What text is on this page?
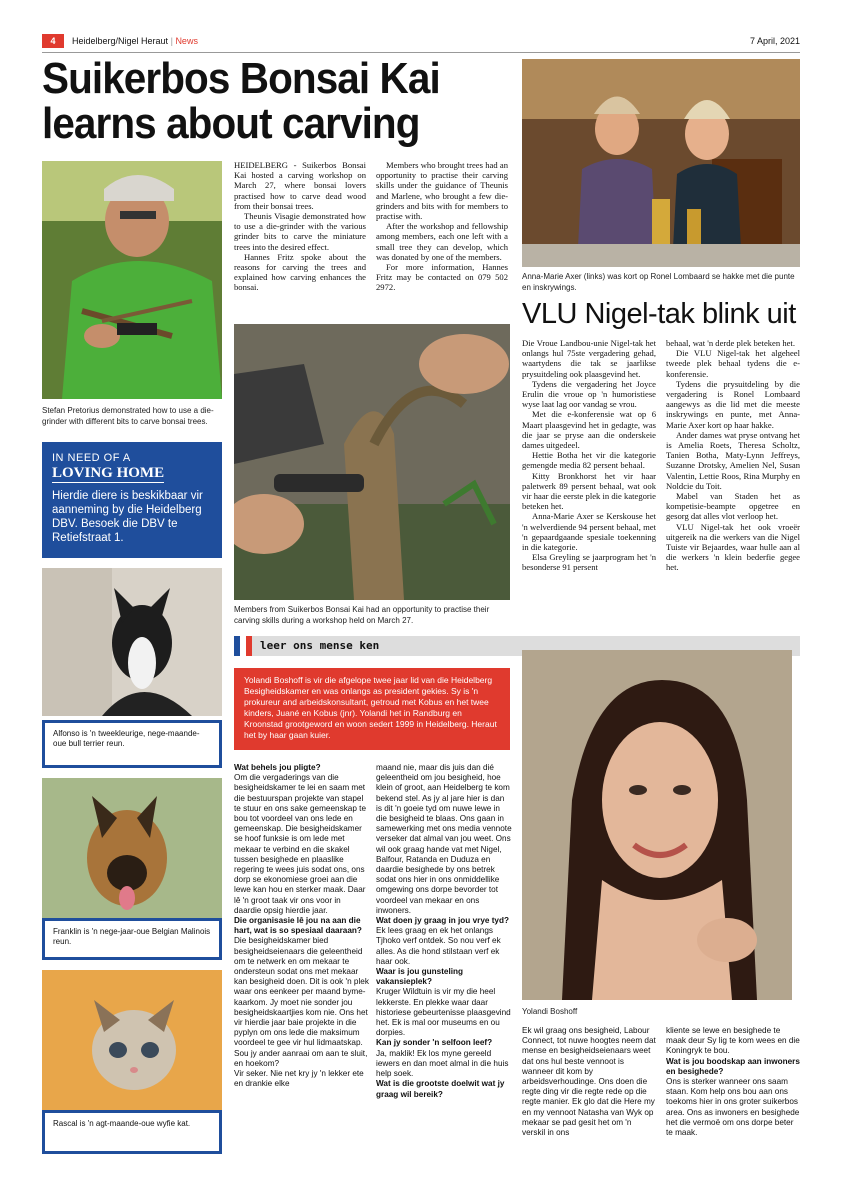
4	Heidelberg/Nigel Heraut | News	7 April, 2021
Suikerbos Bonsai Kai
learns about carving
Stefan Pretorius demonstrated how to use a die-grinder with different bits to carve bonsai trees.

HEIDELBERG - Suikerbos Bonsai Kai hosted a carving workshop on March 27, where bonsai lovers practised how to carve dead wood from their bonsai trees.

Theunis Visagie demonstrated how to use a die-grinder with the various grinder bits to carve the miniature trees into the desired effect.

Hannes Fritz spoke about the reasons for carving the trees and explained how carving enhances the bonsai.

Members who brought trees had an opportunity to practise their carving skills under the guidance of Theunis and Marlene, who brought a few die-grinders and bits with for members to practise with.

After the workshop and fellowship among members, each one left with a small tree they can develop, which was donated by one of the members.

For more information, Hannes Fritz may be contacted on 079 502 2972.

Members from Suikerbos Bonsai Kai had an opportunity to practise their carving skills during a workshop held on March 27.
Anna-Marie Axer (links) was kort op Ronel Lombaard se hakke met die punte en inskrywings.
VLU Nigel-tak blink uit

Die Vroue Landbou-unie Nigel-tak het onlangs hul 75ste vergadering gehad, waartydens die tak se jaarlikse prysuitdeling ook plaasgevind het.

Tydens die vergadering het Joyce Erulin die vroue op 'n humoristiese wyse laat lag oor vandag se vrou.

Met die e-konferensie wat op 6 Maart plaasgevind het in gedagte, was die jaar se pryse aan die onderskeie dames uitgedeel.

Hettie Botha het vir die kategorie gemengde media 82 persent behaal.

Kitty Bronkhorst het vir haar paletwerk 89 persent behaal, wat ook vir haar die eerste plek in die kategorie beteken het.

Anna-Marie Axer se Kerskouse het 'n welverdiende 94 persent behaal, met 'n gepaardgaande spesiale toekenning in die kategorie.

Elsa Greyling se jaarprogram het 'n besonderse 91 persent

behaal, wat 'n derde plek beteken het.

Die VLU Nigel-tak het algeheel tweede plek behaal tydens die e-konferensie.

Tydens die prysuitdeling by die vergadering is Ronel Lombaard aangewys as die lid met die meeste inskrywings en punte, met Anna-Marie Axer kort op haar hakke.

Ander dames wat pryse ontvang het is Amelia Roets, Theresa Scholtz, Tanien Botha, Maty-Lynn Jeffreys, Suzanne Drotsky, Amelien Nel, Susan Valentin, Lettie Roos, Rina Murphy en Noldcie du Toit.

Mabel van Staden het as kompetisie-beampte opgetree en gesorg dat alles vlot verloop het.

VLU Nigel-tak het ook vroeër uitgereik na die werkers van die Nigel Tuiste vir Bejaardes, waar hulle aan al die werkers 'n klein bederfie gegee het.

IN NEED OF A
LOVING HOME
Hierdie diere is beskikbaar vir aanneming by die Heidelberg DBV. Besoek die DBV te Retiefstraat 1.
Alfonso is 'n tweekleurige, nege-maande-oue bull terrier reun.
Franklin is 'n nege-jaar-oue Belgian Malinois reun.
Rascal is 'n agt-maande-oue wyfie kat.
leer ons mense ken
Yolandi Boshoff is vir die afgelope twee jaar lid van die Heidelberg Besigheidskamer en was onlangs as president gekies. Sy is 'n prokureur and arbeidskonsultant, getroud met Kobus en het twee kinders, Juané en Kobus (jnr). Yolandi het in Randburg en Kroonstad grootgeword en woon sedert 1999 in Heidelberg. Heraut het by haar gaan kuier.
Yolandi Boshoff
Wat behels jou pligte?
Om die vergaderings van die besigheidskamer te lei en saam met die bestuurspan projekte van stapel te stuur en ons sake gemeenskap te bou tot voordeel van ons lede en gemeenskap. Die besigheidskamer se hoof funksie is om lede met mekaar te verbind en die skakel tussen besighede en plaaslike regering te wees juis sodat ons, ons dorp se ekonomiese groei aan die lewe kan hou en sterker maak. Daar lê 'n groot taak vir ons voor in daardie opsig hierdie jaar.
Die organisasie lê jou na aan die hart, wat is so spesiaal daaraan?
Die besigheidskamer bied besigheidseienaars die geleentheid om te netwerk en om mekaar te ondersteun sodat ons met mekaar kan besigheid doen. Dit is ook 'n plek waar ons eenkeer per maand byme-kaarkom. Jy moet nie sonder jou besigheidskaartjies kom nie. Ons het vir hierdie jaar baie projekte in die pyplyn om ons lede die maksimum voordeel te gee vir hul lidmaatskap. Sou jy ander aanraai om aan te sluit, en hoekom?
Vir seker. Nie net kry jy 'n lekker ete en drankie elke
maand nie, maar dis juis dan dié geleentheid om jou besigheid, hoe klein of groot, aan Heidelberg te kom bekend stel. As jy al jare hier is dan is dit 'n goeie tyd om nuwe lewe in die besigheid te blaas. Ons gaan in samewerking met ons media vennote verseker dat almal van jou weet. Ons wil ook graag hande vat met Nigel, Balfour, Ratanda en Duduza en daardie besighede by ons betrek sodat ons hier in ons onmiddellike omgewing ons dorpe bevorder tot voordeel van mekaar en ons inwoners.
Wat doen jy graag in jou vrye tyd?
Ek lees graag en ek het onlangs Tjhoko verf ontdek. So nou verf ek alles. As die hond stilstaan verf ek haar ook.
Waar is jou gunsteling vakansieplek?
Kruger Wildtuin is vir my die heel lekkerste. En plekke waar daar historiese gebeurtenisse plaasgevind het. Ek is mal oor museums en ou dorpies.
Kan jy sonder 'n selfoon leef?
Ja, maklik! Ek los myne gereeld iewers en dan moet almal in die huis help soek.
Wat is die grootste doelwit wat jy graag wil bereik?

Ek wil graag ons besigheid, Labour Connect, tot nuwe hoogtes neem dat mense en besigheidseienaars weet dat ons hul beste vennoot is wanneer dit kom by arbeidsverhoudinge. Ons doen die regte ding vir die regte rede op die regte manier. Ek glo dat die Here my en my vennoot Natasha van Wyk op mekaar se pad gesit het om 'n verskil in ons
kliente se lewe en besighede te maak deur Sy lig te kom wees en die Koningryk te bou.
Wat is jou boodskap aan inwoners en besighede?
Ons is sterker wanneer ons saam staan. Kom help ons bou aan ons toekoms hier in ons groter suikerbos area. Ons as inwoners en besighede het die vermoë om ons dorpe beter te maak.
